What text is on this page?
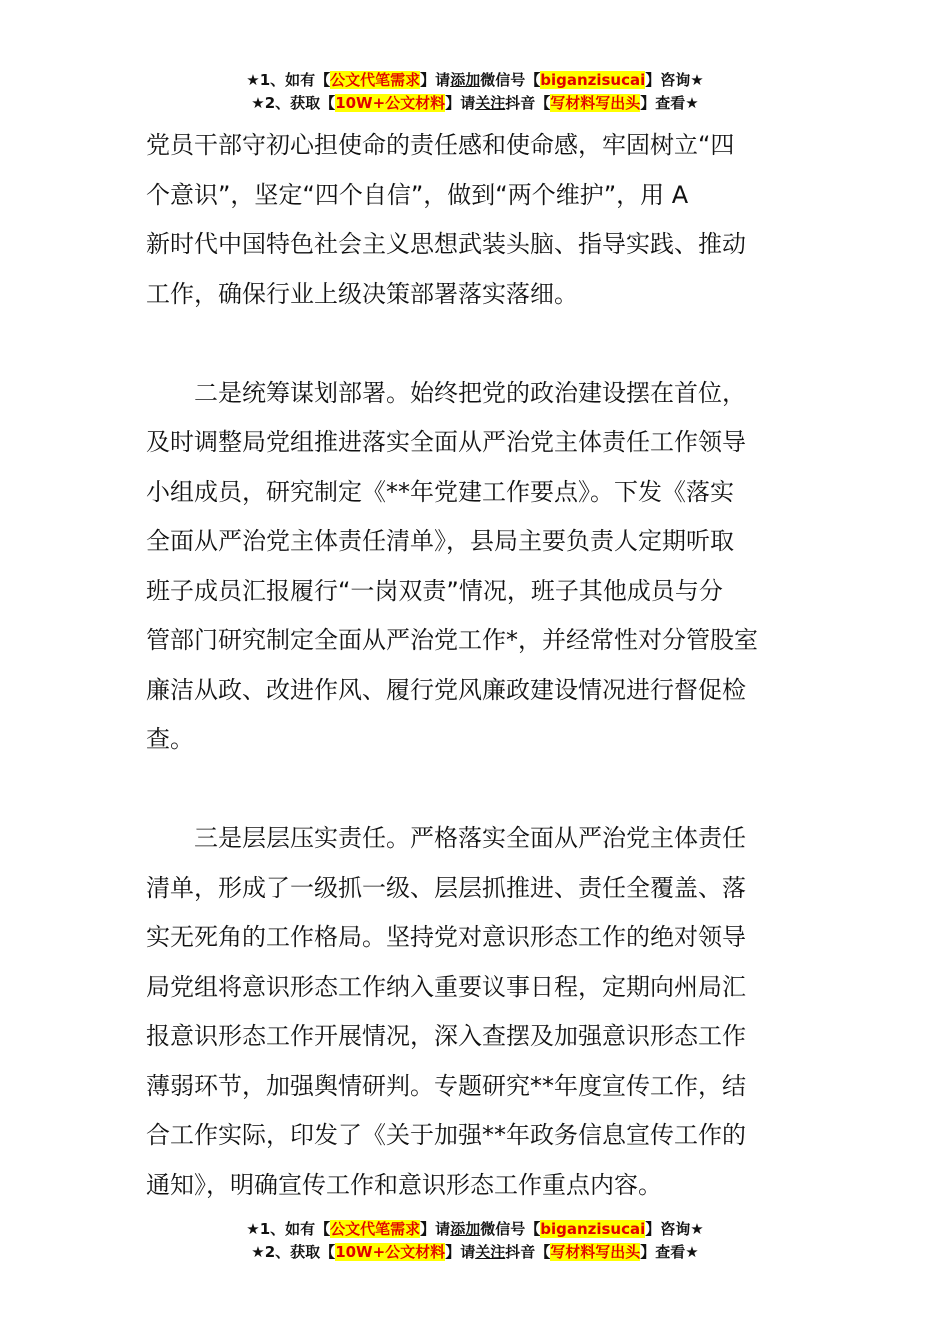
★1、如有【公文代笔需求】请添加微信号【biganzisucai】咨询★
★2、获取【10W+公文材料】请关注抖音【写材料写出头】查看★

党员干部守初心担使命的责任感和使命感，牢固树立“四

个意识”，坚定“四个自信”，做到“两个维护”，用 A

新时代中国特色社会主义思想武装头脑、指导实践、推动

工作，确保行业上级决策部署落实落细。

二是统筹谋划部署。始终把党的政治建设摆在首位，

及时调整局党组推进落实全面从严治党主体责任工作领导

小组成员，研究制定《**年党建工作要点》。下发《落实

全面从严治党主体责任清单》，县局主要负责人定期听取

班子成员汇报履行“一岗双责”情况，班子其他成员与分

管部门研究制定全面从严治党工作*，并经常性对分管股室

廉洁从政、改进作风、履行党风廉政建设情况进行督促检

查。

三是层层压实责任。严格落实全面从严治党主体责任

清单，形成了一级抓一级、层层抓推进、责任全覆盖、落

实无死角的工作格局。坚持党对意识形态工作的绝对领导

局党组将意识形态工作纳入重要议事日程，定期向州局汇

报意识形态工作开展情况，深入查摆及加强意识形态工作

薄弱环节，加强舆情研判。专题研究**年度宣传工作，结

合工作实际，印发了《关于加强**年政务信息宣传工作的

通知》，明确宣传工作和意识形态工作重点内容。

★1、如有【公文代笔需求】请添加微信号【biganzisucai】咨询★
★2、获取【10W+公文材料】请关注抖音【写材料写出头】查看★
